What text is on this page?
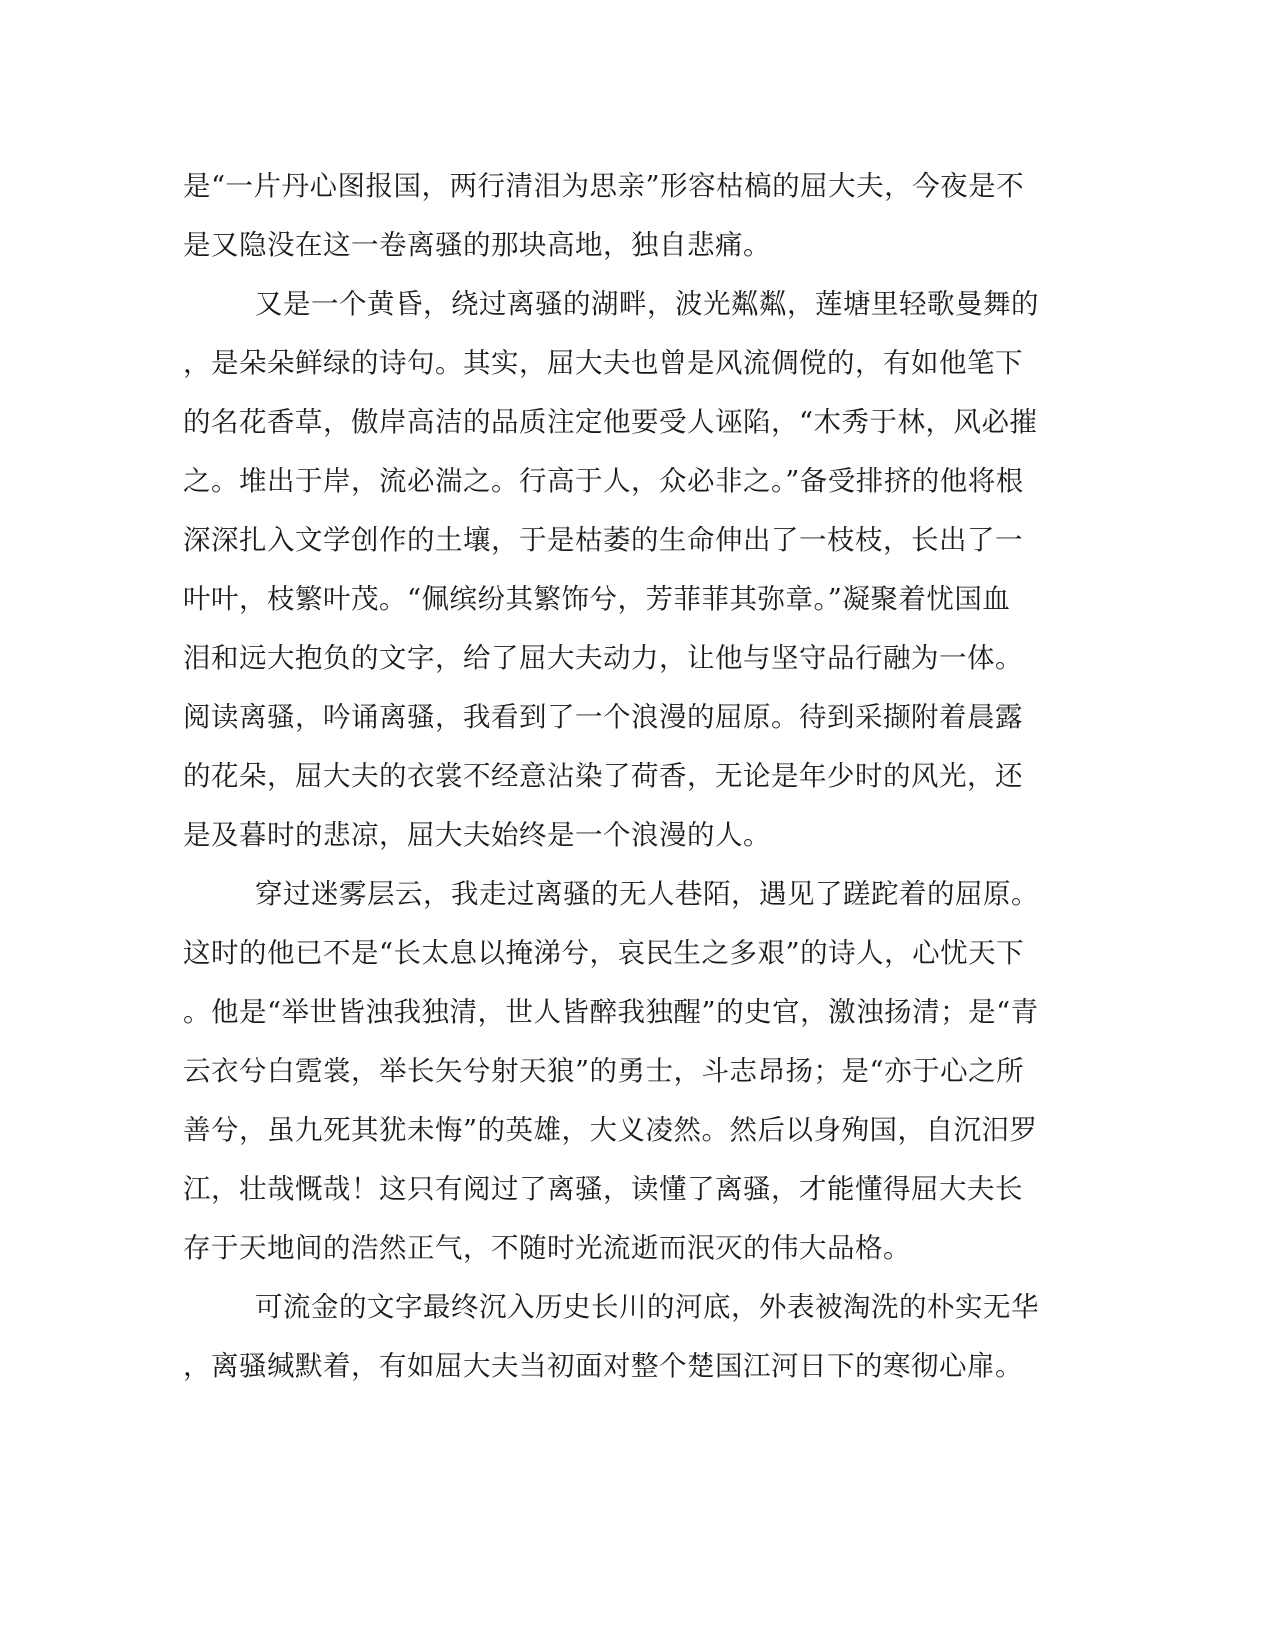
是“一片丹心图报国，两行清泪为思亲”形容枯槁的屈大夫，今夜是不
是又隐没在这一卷离骚的那块高地，独自悲痛。
又是一个黄昏，绕过离骚的湖畔，波光粼粼，莲塘里轻歌曼舞的
，是朵朵鲜绿的诗句。其实，屈大夫也曾是风流倜傥的，有如他笔下
的名花香草，傲岸高洁的品质注定他要受人诬陷，“木秀于林，风必摧
之。堆出于岸，流必湍之。行高于人，众必非之。”备受排挤的他将根
深深扎入文学创作的土壤，于是枯萎的生命伸出了一枝枝，长出了一
叶叶，枝繁叶茂。“佩缤纷其繁饰兮，芳菲菲其弥章。”凝聚着忧国血
泪和远大抱负的文字，给了屈大夫动力，让他与坚守品行融为一体。
阅读离骚，吟诵离骚，我看到了一个浪漫的屈原。待到采撷附着晨露
的花朵，屈大夫的衣裳不经意沾染了荷香，无论是年少时的风光，还
是及暮时的悲凉，屈大夫始终是一个浪漫的人。
穿过迷雾层云，我走过离骚的无人巷陌，遇见了蹉跎着的屈原。
这时的他已不是“长太息以掩涕兮，哀民生之多艰”的诗人，心忧天下
。他是“举世皆浊我独清，世人皆醉我独醒”的史官，激浊扬清；是“青
云衣兮白霓裳，举长矢兮射天狼”的勇士，斗志昂扬；是“亦于心之所
善兮，虽九死其犹未悔”的英雄，大义凌然。然后以身殉国，自沉汨罗
江，壮哉慨哉！这只有阅过了离骚，读懂了离骚，才能懂得屈大夫长
存于天地间的浩然正气，不随时光流逝而泯灭的伟大品格。
可流金的文字最终沉入历史长川的河底，外表被淘洗的朴实无华
，离骚缄默着，有如屈大夫当初面对整个楚国江河日下的寒彻心扉。
